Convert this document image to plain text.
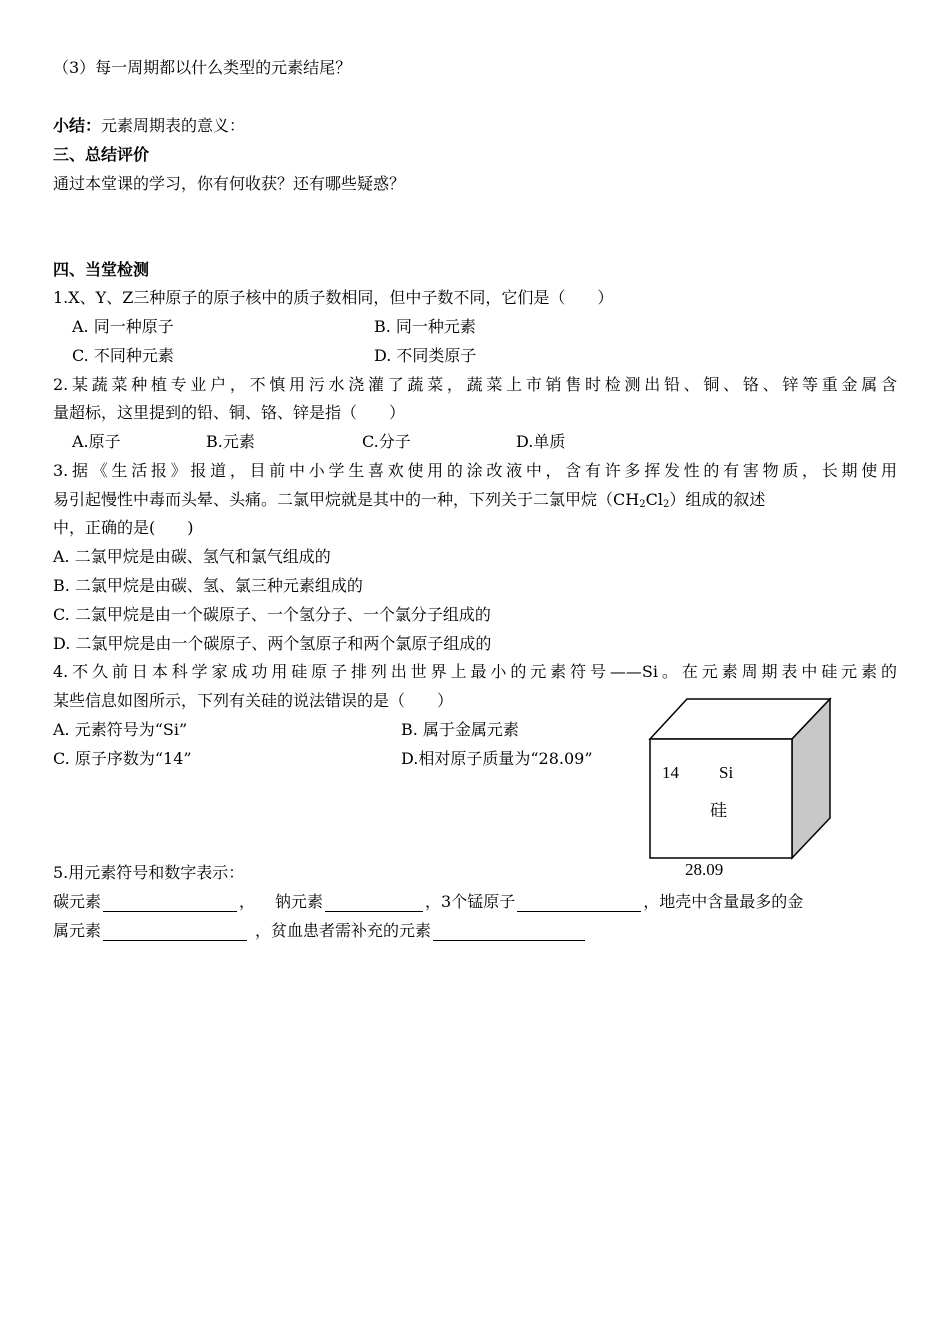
（3）每一周期都以什么类型的元素结尾？
小结：元素周期表的意义：
三、总结评价
通过本堂课的学习，你有何收获？还有哪些疑惑？
四、当堂检测
1.X、Y、Z三种原子的原子核中的质子数相同，但中子数不同，它们是（　　）
A. 同一种原子	B. 同一种元素
C. 不同种元素	D. 不同类原子
2.某蔬菜种植专业户，不慎用污水浇灌了蔬菜，蔬菜上市销售时检测出铅、铜、铬、锌等重金属含
量超标，这里提到的铅、铜、铬、锌是指（　　）
A.原子	B.元素	C.分子	D.单质
3.据《生活报》报道，目前中小学生喜欢使用的涂改液中，含有许多挥发性的有害物质，长期使用
易引起慢性中毒而头晕、头痛。二氯甲烷就是其中的一种，下列关于二氯甲烷$(CH_2Cl_2)$组成的叙述
中，正确的是(　　)
A. 二氯甲烷是由碳、氢气和氯气组成的
B. 二氯甲烷是由碳、氢、氯三种元素组成的
C. 二氯甲烷是由一个碳原子、一个氢分子、一个氯分子组成的
D. 二氯甲烷是由一个碳原子、两个氢原子和两个氯原子组成的
4.不久前日本科学家成功用硅原子排列出世界上最小的元素符号——Si。在元素周期表中硅元素的
某些信息如图所示，下列有关硅的说法错误的是（　　）
A. 元素符号为“Si”	B. 属于金属元素
C. 原子序数为“14”	D.相对原子质量为“28.09”
14 Si
硅
28.09
5.用元素符号和数字表示：
碳元素	， 钠元素	，3个锰原子	，地壳中含量最多的金
属元素	，贫血患者需补充的元素
